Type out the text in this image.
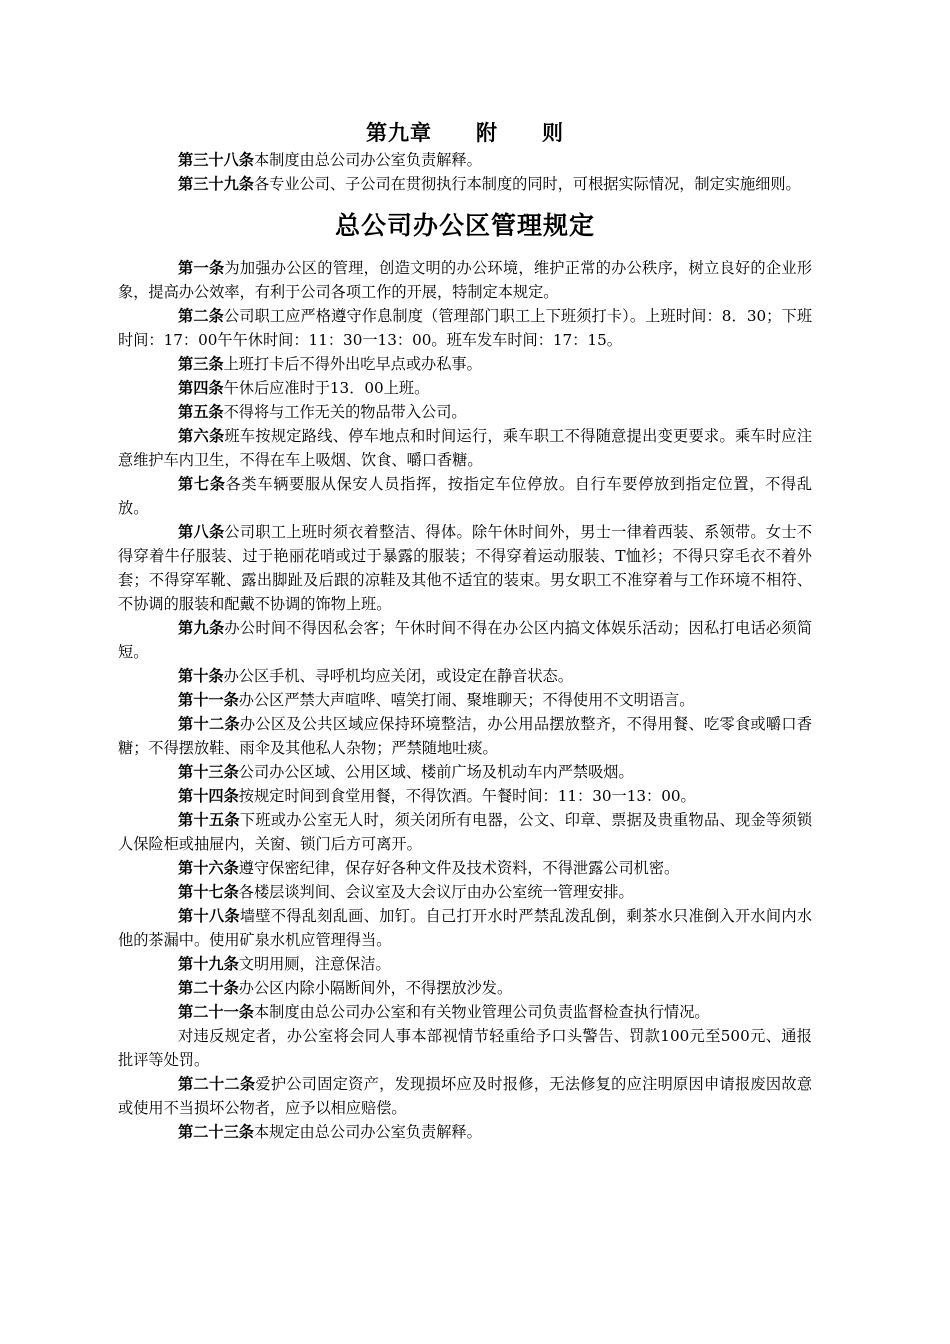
第九章　　附　　则

第三十八条本制度由总公司办公室负责解释。

第三十九条各专业公司、子公司在贯彻执行本制度的同时，可根据实际情况，制定实施细则。

总公司办公区管理规定

第一条为加强办公区的管理，创造文明的办公环境，维护正常的办公秩序，树立良好的企业形象，提高办公效率，有利于公司各项工作的开展，特制定本规定。

第二条公司职工应严格遵守作息制度（管理部门职工上下班须打卡）。上班时间：8．30；下班时间：17：00午午休时间：11：30一13：00。班车发车时间：17：15。

第三条上班打卡后不得外出吃早点或办私事。

第四条午休后应准时于13．00上班。

第五条不得将与工作无关的物品带入公司。

第六条班车按规定路线、停车地点和时间运行，乘车职工不得随意提出变更要求。乘车时应注意维护车内卫生，不得在车上吸烟、饮食、嚼口香糖。

第七条各类车辆要服从保安人员指挥，按指定车位停放。自行车要停放到指定位置，不得乱放。

第八条公司职工上班时须衣着整洁、得体。除午休时间外，男士一律着西装、系领带。女士不得穿着牛仔服装、过于艳丽花哨或过于暴露的服装；不得穿着运动服装、T恤衫；不得只穿毛衣不着外套；不得穿军靴、露出脚趾及后跟的凉鞋及其他不适宜的装束。男女职工不准穿着与工作环境不相符、不协调的服装和配戴不协调的饰物上班。

第九条办公时间不得因私会客；午休时间不得在办公区内搞文体娱乐活动；因私打电话必须简短。

第十条办公区手机、寻呼机均应关闭，或设定在静音状态。

第十一条办公区严禁大声喧哗、嘻笑打闹、聚堆聊天；不得使用不文明语言。

第十二条办公区及公共区域应保持环境整洁，办公用品摆放整齐，不得用餐、吃零食或嚼口香糖；不得摆放鞋、雨伞及其他私人杂物；严禁随地吐痰。

第十三条公司办公区域、公用区域、楼前广场及机动车内严禁吸烟。

第十四条按规定时间到食堂用餐，不得饮酒。午餐时间：11：30一13：00。

第十五条下班或办公室无人时，须关闭所有电器，公文、印章、票据及贵重物品、现金等须锁人保险柜或抽屉内，关窗、锁门后方可离开。

第十六条遵守保密纪律，保存好各种文件及技术资料，不得泄露公司机密。

第十七条各楼层谈判间、会议室及大会议厅由办公室统一管理安排。

第十八条墙壁不得乱刻乱画、加钉。自己打开水时严禁乱泼乱倒，剩茶水只准倒入开水间内水他的茶漏中。使用矿泉水机应管理得当。

第十九条文明用厕，注意保洁。

第二十条办公区内除小隔断间外，不得摆放沙发。

第二十一条本制度由总公司办公室和有关物业管理公司负责监督检查执行情况。

对违反规定者，办公室将会同人事本部视情节轻重给予口头警告、罚款100元至500元、通报批评等处罚。

第二十二条爱护公司固定资产，发现损坏应及时报修，无法修复的应注明原因申请报废因故意或使用不当损坏公物者，应予以相应赔偿。

第二十三条本规定由总公司办公室负责解释。
